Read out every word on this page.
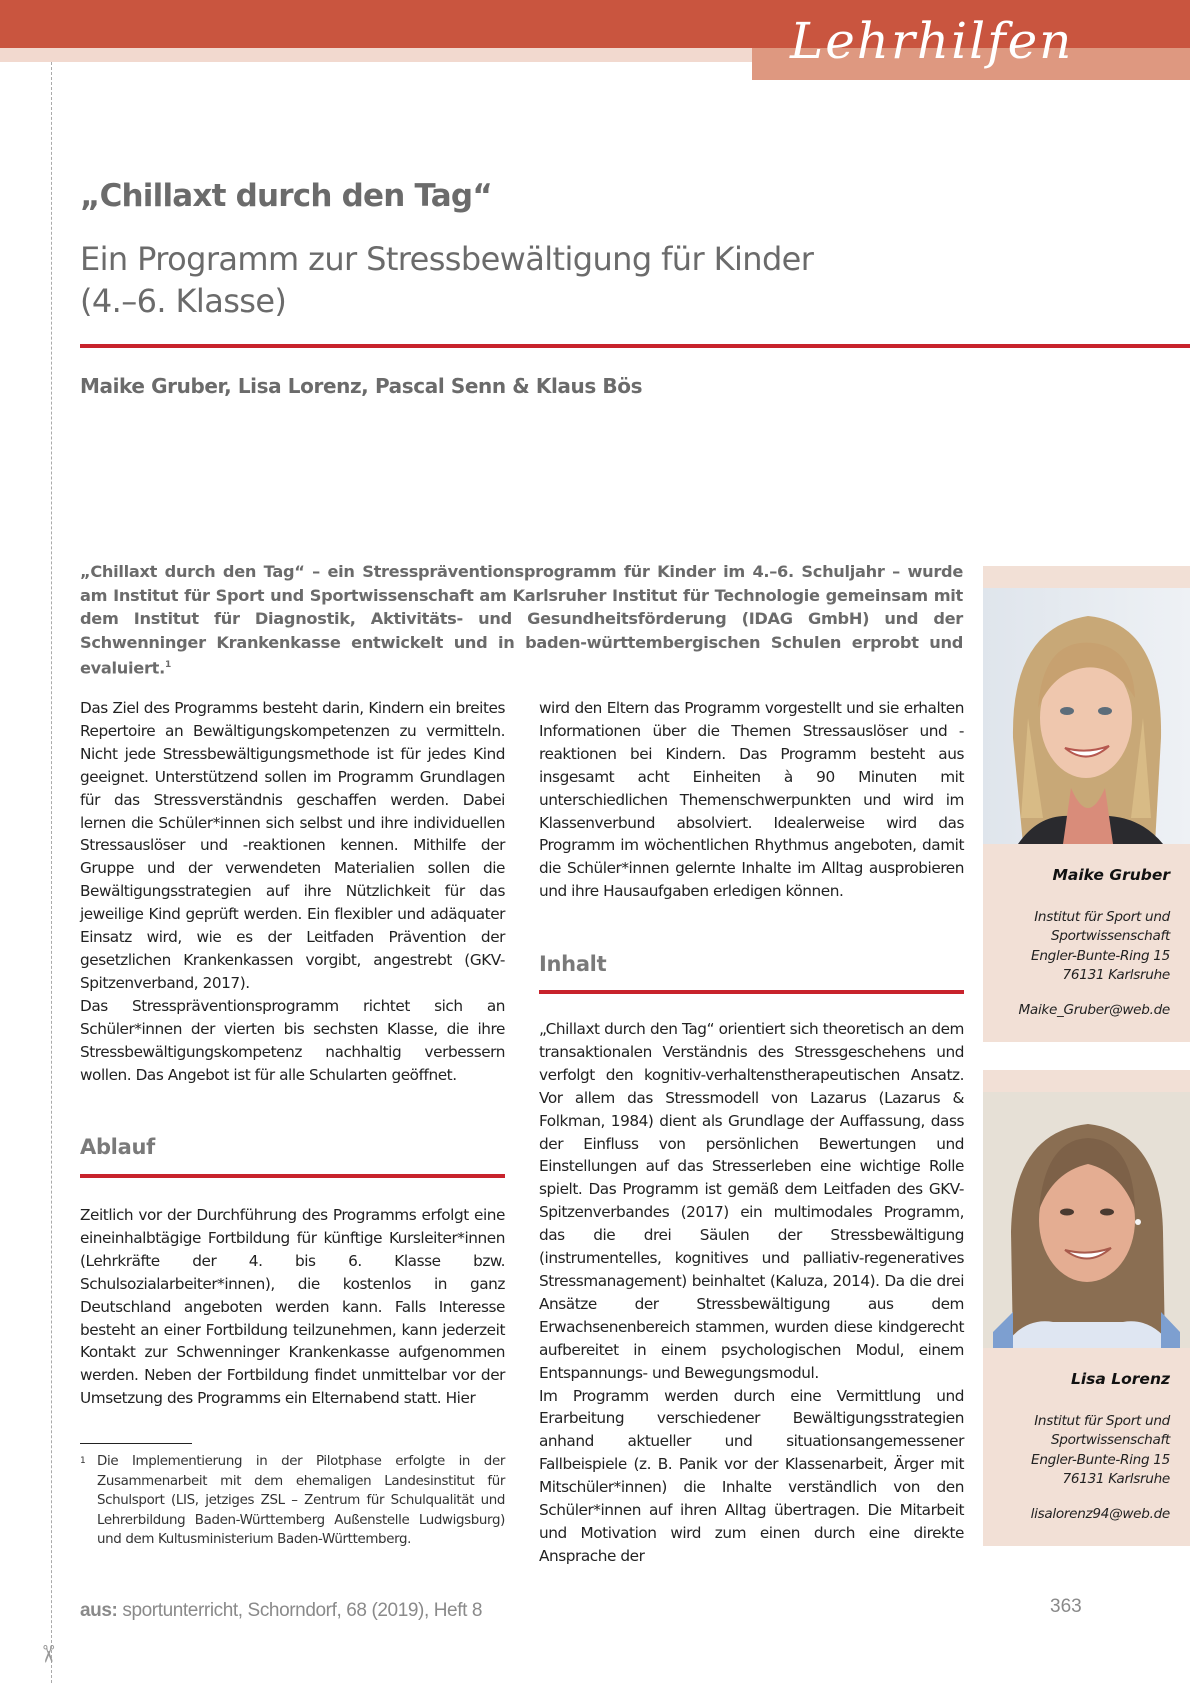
Lehrhilfen
✂
„Chillaxt durch den Tag“
Ein Programm zur Stressbewältigung für Kinder
(4.–6. Klasse)
Maike Gruber, Lisa Lorenz, Pascal Senn & Klaus Bös
„Chillaxt durch den Tag“ – ein Stresspräventionsprogramm für Kinder im 4.–6. Schuljahr – wurde am Institut für Sport und Sportwissenschaft am Karlsruher Institut für Technologie gemeinsam mit dem Institut für Diagnostik, Aktivitäts- und Gesundheitsförderung (IDAG GmbH) und der Schwenninger Krankenkasse entwickelt und in baden-württembergischen Schulen erprobt und evaluiert.$^1$
Das Ziel des Programms besteht darin, Kindern ein breites Repertoire an Bewältigungskompetenzen zu vermitteln. Nicht jede Stressbewältigungsmethode ist für jedes Kind geeignet. Unterstützend sollen im Programm Grundlagen für das Stressverständnis geschaffen werden. Dabei lernen die Schüler*innen sich selbst und ihre individuellen Stressauslöser und -reaktionen kennen. Mithilfe der Gruppe und der verwendeten Materialien sollen die Bewältigungsstrategien auf ihre Nützlichkeit für das jeweilige Kind geprüft werden. Ein flexibler und adäquater Einsatz wird, wie es der Leitfaden Prävention der gesetzlichen Krankenkassen vorgibt, angestrebt (GKV-Spitzenverband, 2017).
Das Stresspräventionsprogramm richtet sich an Schüler*innen der vierten bis sechsten Klasse, die ihre Stressbewältigungskompetenz nachhaltig verbessern wollen. Das Angebot ist für alle Schularten geöffnet.
Ablauf
Zeitlich vor der Durchführung des Programms erfolgt eine eineinhalbtägige Fortbildung für künftige Kursleiter*innen (Lehrkräfte der 4. bis 6. Klasse bzw. Schulsozialarbeiter*innen), die kostenlos in ganz Deutschland angeboten werden kann. Falls Interesse besteht an einer Fortbildung teilzunehmen, kann jederzeit Kontakt zur Schwenninger Krankenkasse aufgenommen werden. Neben der Fortbildung findet unmittelbar vor der Umsetzung des Programms ein Elternabend statt. Hier
1 Die Implementierung in der Pilotphase erfolgte in der Zusammenarbeit mit dem ehemaligen Landesinstitut für Schulsport (LIS, jetziges ZSL – Zentrum für Schulqualität und Lehrerbildung Baden-Württemberg Außenstelle Ludwigsburg) und dem Kultusministerium Baden-Württemberg.
wird den Eltern das Programm vorgestellt und sie erhalten Informationen über die Themen Stressauslöser und -reaktionen bei Kindern. Das Programm besteht aus insgesamt acht Einheiten à 90 Minuten mit unterschiedlichen Themenschwerpunkten und wird im Klassenverbund absolviert. Idealerweise wird das Programm im wöchentlichen Rhythmus angeboten, damit die Schüler*innen gelernte Inhalte im Alltag ausprobieren und ihre Hausaufgaben erledigen können.
Inhalt
„Chillaxt durch den Tag“ orientiert sich theoretisch an dem transaktionalen Verständnis des Stressgeschehens und verfolgt den kognitiv-verhaltenstherapeutischen Ansatz. Vor allem das Stressmodell von Lazarus (Lazarus & Folkman, 1984) dient als Grundlage der Auffassung, dass der Einfluss von persönlichen Bewertungen und Einstellungen auf das Stresserleben eine wichtige Rolle spielt. Das Programm ist gemäß dem Leitfaden des GKV-Spitzenverbandes (2017) ein multimodales Programm, das die drei Säulen der Stressbewältigung (instrumentelles, kognitives und palliativ-regeneratives Stressmanagement) beinhaltet (Kaluza, 2014). Da die drei Ansätze der Stressbewältigung aus dem Erwachsenenbereich stammen, wurden diese kindgerecht aufbereitet in einem psychologischen Modul, einem Entspannungs- und Bewegungsmodul.
Im Programm werden durch eine Vermittlung und Erarbeitung verschiedener Bewältigungsstrategien anhand aktueller und situationsangemessener Fallbeispiele (z. B. Panik vor der Klassenarbeit, Ärger mit Mitschüler*innen) die Inhalte verständlich von den Schüler*innen auf ihren Alltag übertragen. Die Mitarbeit und Motivation wird zum einen durch eine direkte Ansprache der
Maike Gruber
Institut für Sport und
Sportwissenschaft
Engler-Bunte-Ring 15
76131 Karlsruhe
Maike_Gruber@web.de
Lisa Lorenz
Institut für Sport und
Sportwissenschaft
Engler-Bunte-Ring 15
76131 Karlsruhe
lisalorenz94@web.de
aus: sportunterricht, Schorndorf, 68 (2019), Heft 8	363
